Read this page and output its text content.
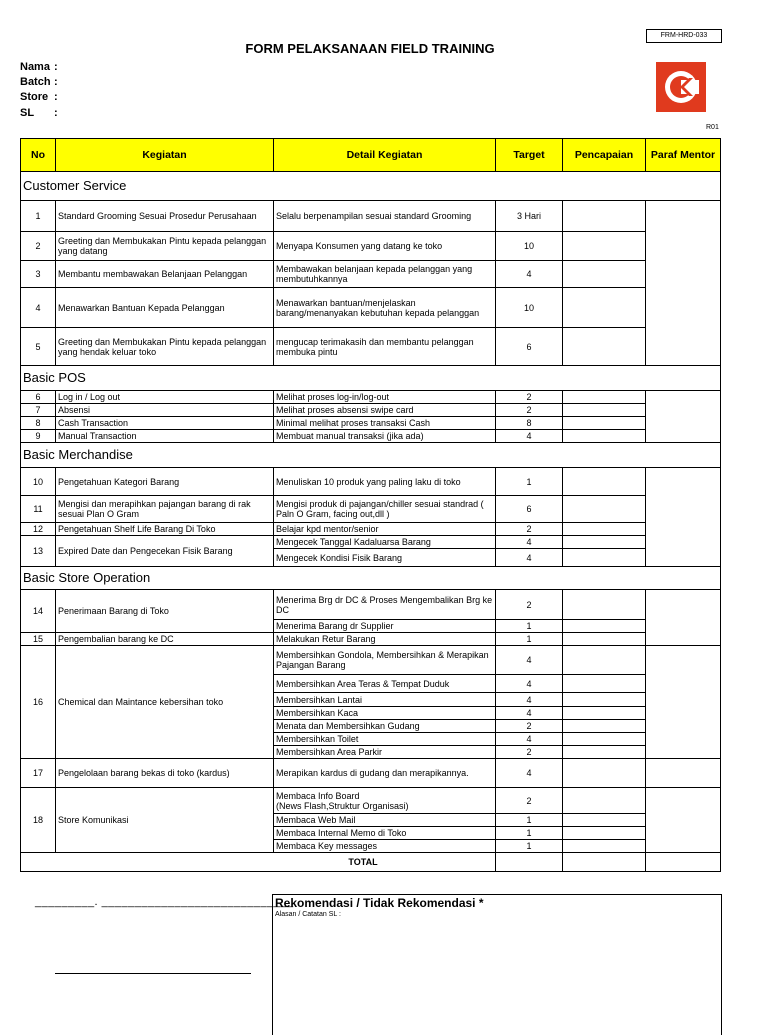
FRM-HRD-033
FORM PELAKSANAAN FIELD TRAINING
Nama :
Batch :
Store :
SL :
R01
No	Kegiatan	Detail Kegiatan	Target	Pencapaian	Paraf Mentor
Customer Service					
1	Standard Grooming Sesuai Prosedur Perusahaan	Selalu berpenampilan sesuai standard Grooming	3 Hari		
2	Greeting dan Membukakan Pintu kepada pelanggan yang datang	Menyapa Konsumen yang datang ke toko	10		
3	Membantu membawakan Belanjaan Pelanggan	Membawakan belanjaan kepada pelanggan yang membutuhkannya	4		
4	Menawarkan Bantuan Kepada Pelanggan	Menawarkan bantuan/menjelaskan barang/menanyakan kebutuhan kepada pelanggan	10		
5	Greeting dan Membukakan Pintu kepada pelanggan yang hendak keluar toko	mengucap terimakasih dan membantu pelanggan membuka pintu	6		
Basic POS					
6	Log in / Log out	Melihat proses log-in/log-out	2		
7	Absensi	Melihat proses absensi swipe card	2		
8	Cash Transaction	Minimal melihat proses transaksi Cash	8		
9	Manual Transaction	Membuat manual transaksi (jika ada)	4		
Basic Merchandise					
10	Pengetahuan Kategori Barang	Menuliskan 10 produk yang paling laku di toko	1		
11	Mengisi dan merapihkan pajangan barang di rak sesuai Plan O Gram	Mengisi produk di pajangan/chiller sesuai standrad ( Paln O Gram, facing out,dll )	6		
12	Pengetahuan Shelf Life Barang Di Toko	Belajar kpd mentor/senior	2		
13	Expired Date dan Pengecekan Fisik Barang	Mengecek Tanggal Kadaluarsa Barang	4		
		Mengecek Kondisi Fisik Barang	4		
Basic Store Operation					
14	Penerimaan Barang di Toko	Menerima Brg dr DC & Proses Mengembalikan Brg ke DC	2		
		Menerima Barang dr Supplier	1		
15	Pengembalian barang ke DC	Melakukan Retur Barang	1		
16	Chemical dan Maintance kebersihan toko	Membersihkan Gondola, Membersihkan & Merapikan Pajangan Barang	4		
		Membersihkan Area Teras & Tempat Duduk	4		
		Membersihkan Lantai	4		
		Membersihkan Kaca	4		
		Menata dan Membersihkan Gudang	2		
		Membersihkan Toilet	4		
		Membersihkan Area Parkir	2		
17	Pengelolaan barang bekas di toko (kardus)	Merapikan kardus di gudang dan merapikannya.	4		
18	Store Komunikasi	Membaca Info Board
(News Flash,Struktur Organisasi)	2		
		Membaca Web Mail	1		
		Membaca Internal Memo di Toko	1		
		Membaca Key messages	1		

TOTAL					

_________. _____________________________
Rekomendasi / Tidak Rekomendasi *
Alasan / Catatan SL :
